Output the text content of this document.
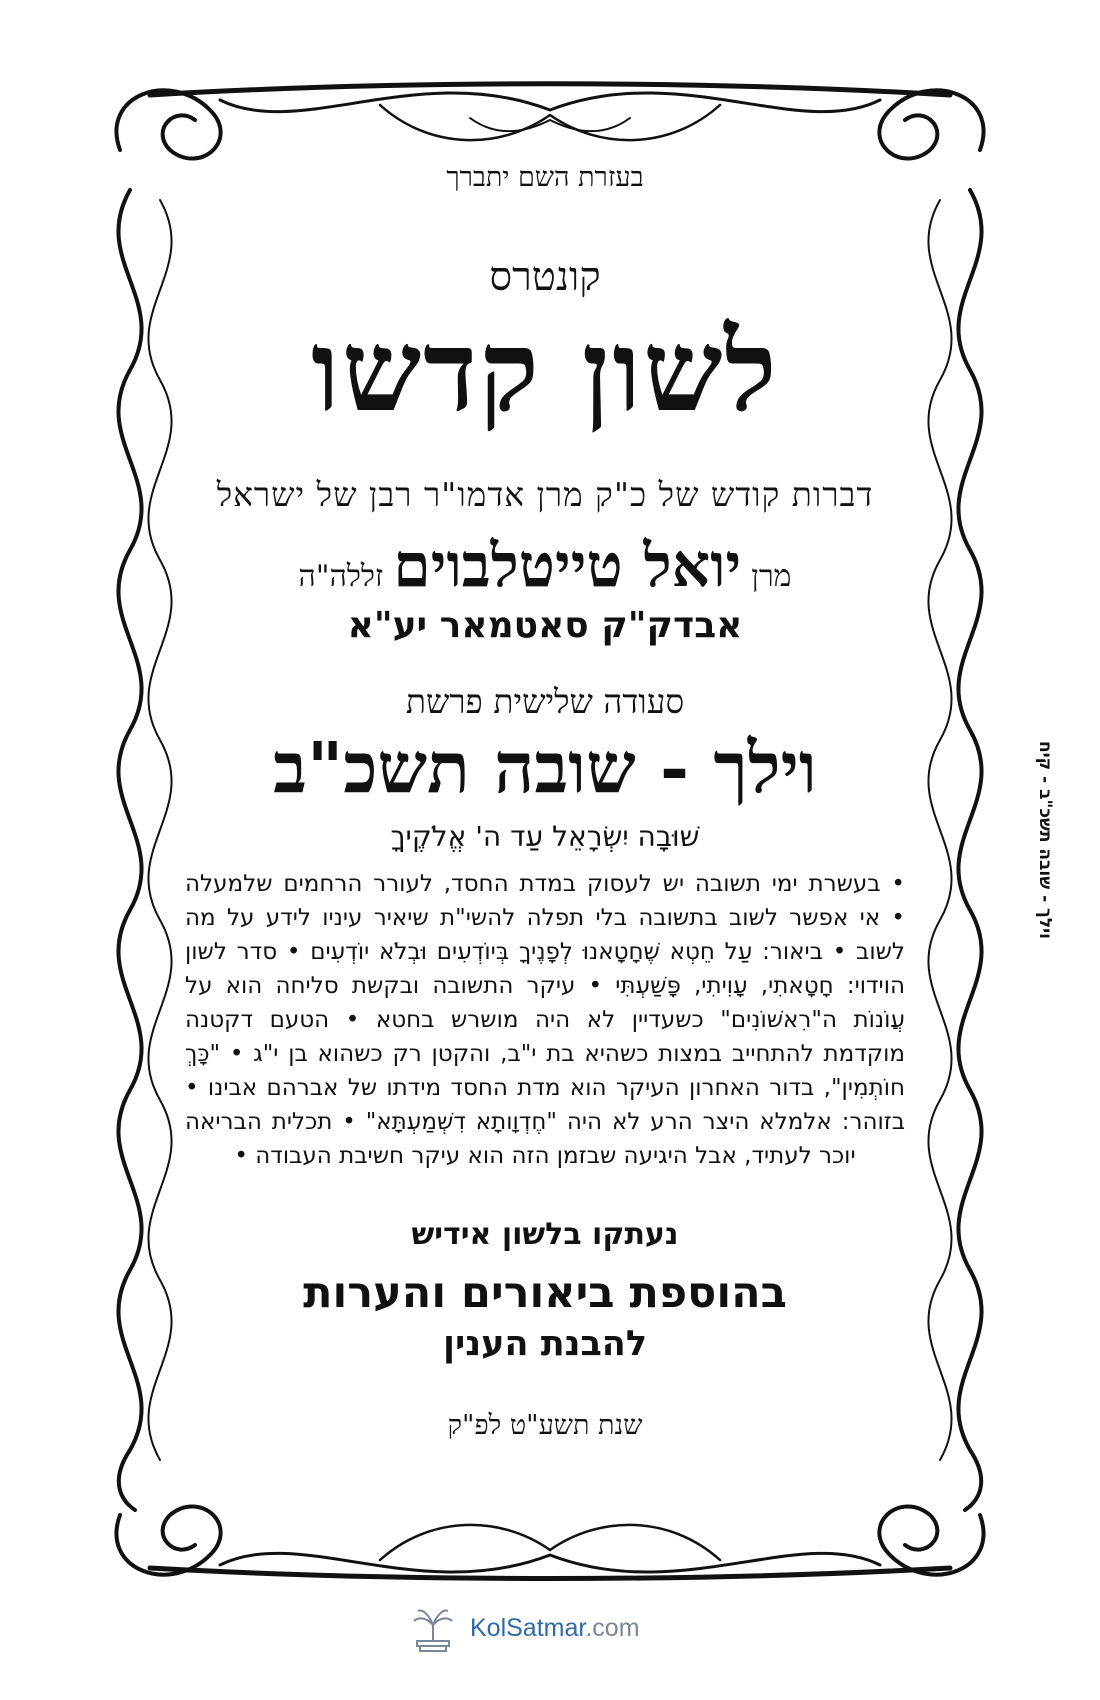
בעזרת השם יתברך
קונטרס
לשון קדשו
דברות קודש של כ"ק מרן אדמו"ר רבן של ישראל
מרןיואל טייטלבויםזללה"ה
אבדק"ק סאטמאר יע"א
סעודה שלישית פרשת
וילך - שובה תשכ"ב
שׁוּבָה יִשְׂרָאֵל עַד ה' אֱלֹקֶיךָ
• בעשרת ימי תשובה יש לעסוק במדת החסד, לעורר הרחמים שלמעלה
• אי אפשר לשוב בתשובה בלי תפלה להשי"ת שיאיר עיניו לידע על מה
לשוב • ביאור: עַל חֵטְא שֶׁחָטָאנוּ לְפָנֶיךָ בְּיוֹדְעִים וּבְלֹא יוֹדְעִים • סדר לשון
הוידוי: חָטָאתִי, עָוִיתִי, פָּשַׁעְתִּי • עיקר התשובה ובקשת סליחה הוא על
עֲוֹנוֹת ה"רִאשׁוֹנִים" כשעדיין לא היה מושרש בחטא • הטעם דקטנה
מוקדמת להתחייב במצות כשהיא בת י"ב, והקטן רק כשהוא בן י"ג • "כָּךְ
חוֹתְמִין", בדור האחרון העיקר הוא מדת החסד מידתו של אברהם אבינו •
בזוהר: אלמלא היצר הרע לא היה "חֶדְוָותָא דִשְׁמַעְתָּא" • תכלית הבריאה
יוכר לעתיד, אבל היגיעה שבזמן הזה הוא עיקר חשיבת העבודה •
נעתקו בלשון אידיש
בהוספת ביאורים והערות
להבנת הענין
שנת תשע"ט לפ"ק
וילך - שובה תשכ"ב - קיח
KolSatmar.com
